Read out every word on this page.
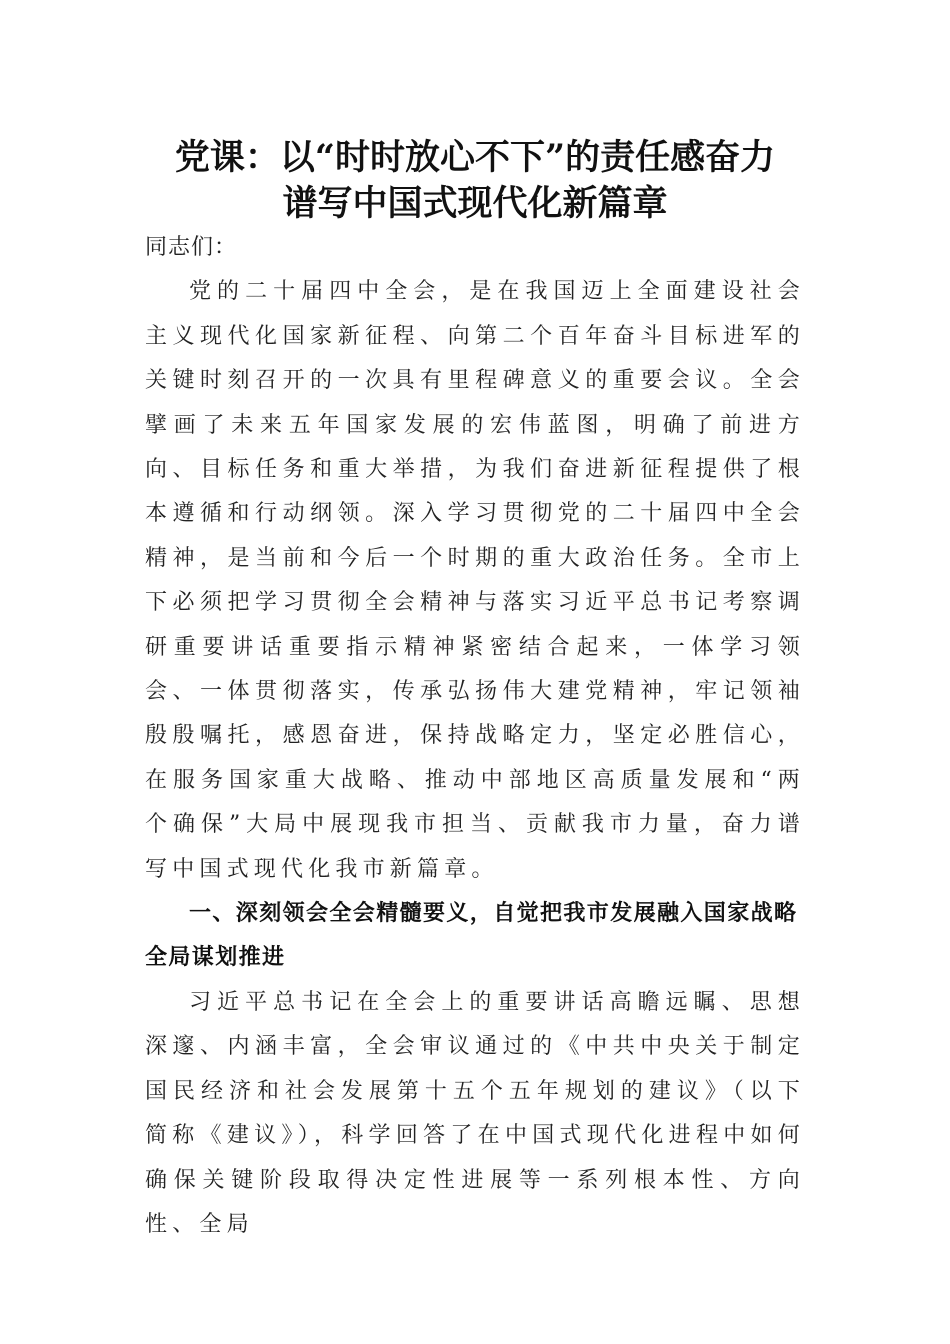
党课：以“时时放心不下”的责任感奋力
谱写中国式现代化新篇章

同志们：

党的二十届四中全会，是在我国迈上全面建设社会主义现代化国家新征程、向第二个百年奋斗目标进军的关键时刻召开的一次具有里程碑意义的重要会议。全会擘画了未来五年国家发展的宏伟蓝图，明确了前进方向、目标任务和重大举措，为我们奋进新征程提供了根本遵循和行动纲领。深入学习贯彻党的二十届四中全会精神，是当前和今后一个时期的重大政治任务。全市上下必须把学习贯彻全会精神与落实习近平总书记考察调研重要讲话重要指示精神紧密结合起来，一体学习领会、一体贯彻落实，传承弘扬伟大建党精神，牢记领袖殷殷嘱托，感恩奋进，保持战略定力，坚定必胜信心，在服务国家重大战略、推动中部地区高质量发展和“两个确保”大局中展现我市担当、贡献我市力量，奋力谱写中国式现代化我市新篇章。

一、深刻领会全会精髓要义，自觉把我市发展融入国家战略全局谋划推进

习近平总书记在全会上的重要讲话高瞻远瞩、思想深邃、内涵丰富，全会审议通过的《中共中央关于制定国民经济和社会发展第十五个五年规划的建议》（以下简称《建议》），科学回答了在中国式现代化进程中如何确保关键阶段取得决定性进展等一系列根本性、方向性、全局
